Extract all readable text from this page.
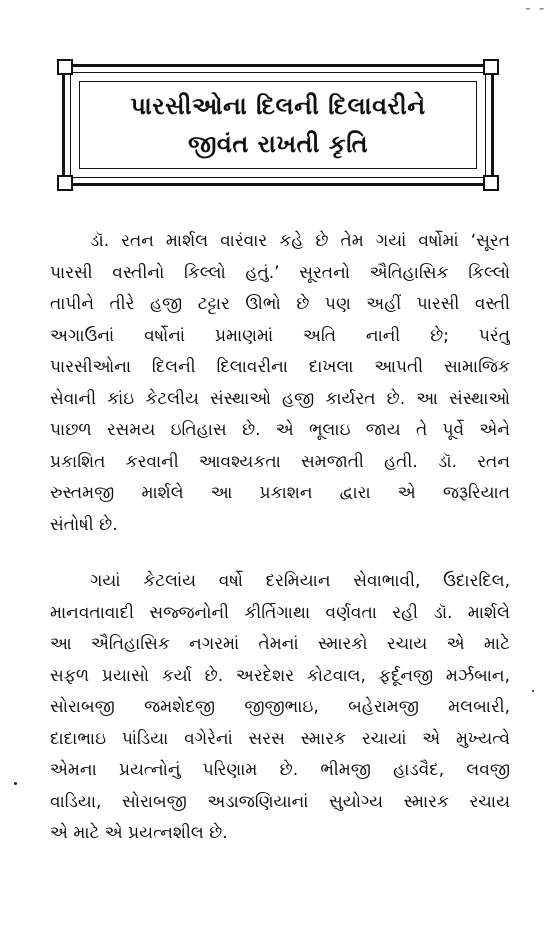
- -
પારસીઓના દિલની દિલાવરીને
જીવંત રાખતી કૃતિ

ડૉ. રતન માર્શલ વારંવાર કહે છે તેમ ગયાં વર્ષોમાં ‘સૂરત
પારસી વસ્તીનો કિલ્લો હતું.’ સૂરતનો ઐતિહાસિક કિલ્લો
તાપીને તીરે હજી ટટ્ટાર ઊભો છે પણ અહીં પારસી વસ્તી
અગાઉનાં વર્ષોનાં પ્રમાણમાં અતિ નાની છે; પરંતુ
પારસીઓના દિલની દિલાવરીના દાખલા આપતી સામાજિક
સેવાની કાંઇ કેટલીય સંસ્થાઓ હજી કાર્યરત છે. આ સંસ્થાઓ
પાછળ રસમય ઇતિહાસ છે. એ ભૂલાઇ જાય તે પૂર્વે એને
પ્રકાશિત કરવાની આવશ્યકતા સમજાતી હતી. ડૉ. રતન
રુસ્તમજી માર્શલે આ પ્રકાશન દ્વારા એ જરૂરિયાત
સંતોષી છે.

ગયાં કેટલાંય વર્ષો દરમિયાન સેવાભાવી, ઉદારદિલ,
માનવતાવાદી સજ્જનોની કીર્તિગાથા વર્ણવતા રહી ડૉ. માર્શલે
આ ઐતિહાસિક નગરમાં તેમનાં સ્મારકો રચાય એ માટે
સફળ પ્રયાસો કર્યા છે. અરદેશર કોટવાલ, ફર્દૂનજી મર્ઝબાન,
સોરાબજી જમશેદજી જીજીભાઇ, બહેરામજી મલબારી,
દાદાભાઇ પાંડિયા વગેરેનાં સરસ સ્મારક રચાયાં એ મુખ્યત્વે
એમના પ્રયત્નોનું પરિણામ છે. ભીમજી હાડવૈદ, લવજી
વાડિયા, સોરાબજી અડાજણિયાનાં સુયોગ્ય સ્મારક રચાય
એ માટે એ પ્રયત્નશીલ છે.
